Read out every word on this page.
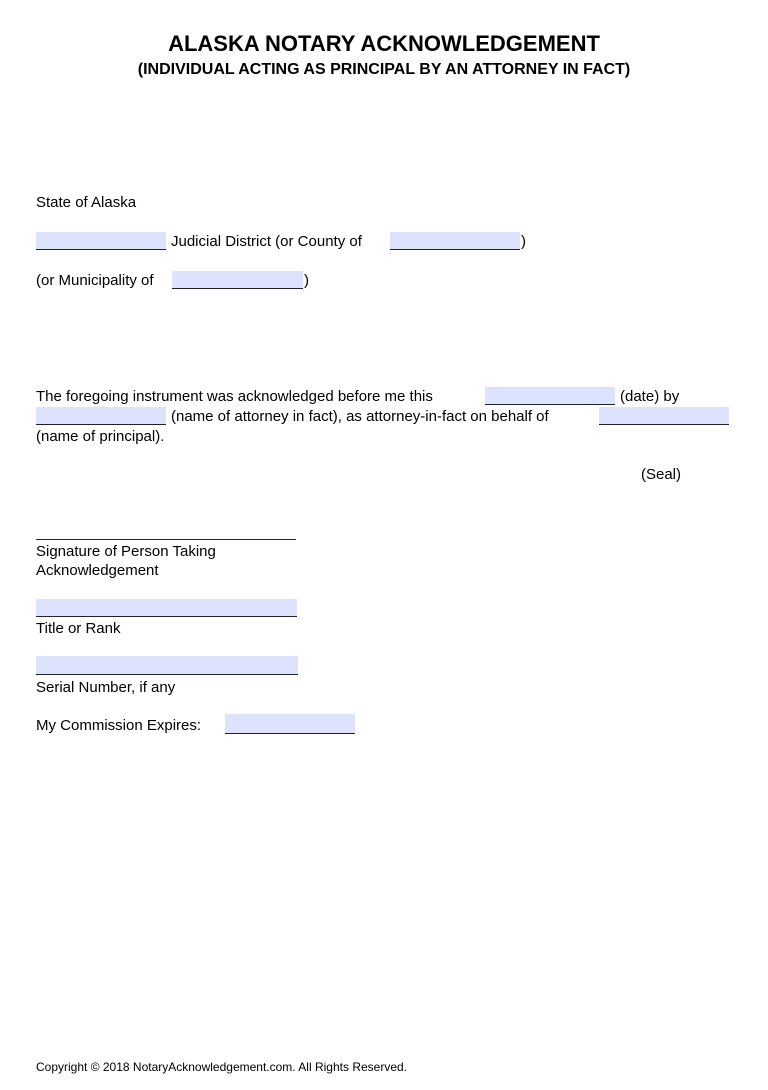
ALASKA NOTARY ACKNOWLEDGEMENT
(INDIVIDUAL ACTING AS PRINCIPAL BY AN ATTORNEY IN FACT)
State of Alaska
Judicial District (or County of	)
(or Municipality of	)
The foregoing instrument was acknowledged before me this	(date) by
(name of attorney in fact), as attorney-in-fact on behalf of
(name of principal).
(Seal)
Signature of Person Taking
Acknowledgement
Title or Rank
Serial Number, if any
My Commission Expires:
Copyright © 2018 NotaryAcknowledgement.com. All Rights Reserved.
